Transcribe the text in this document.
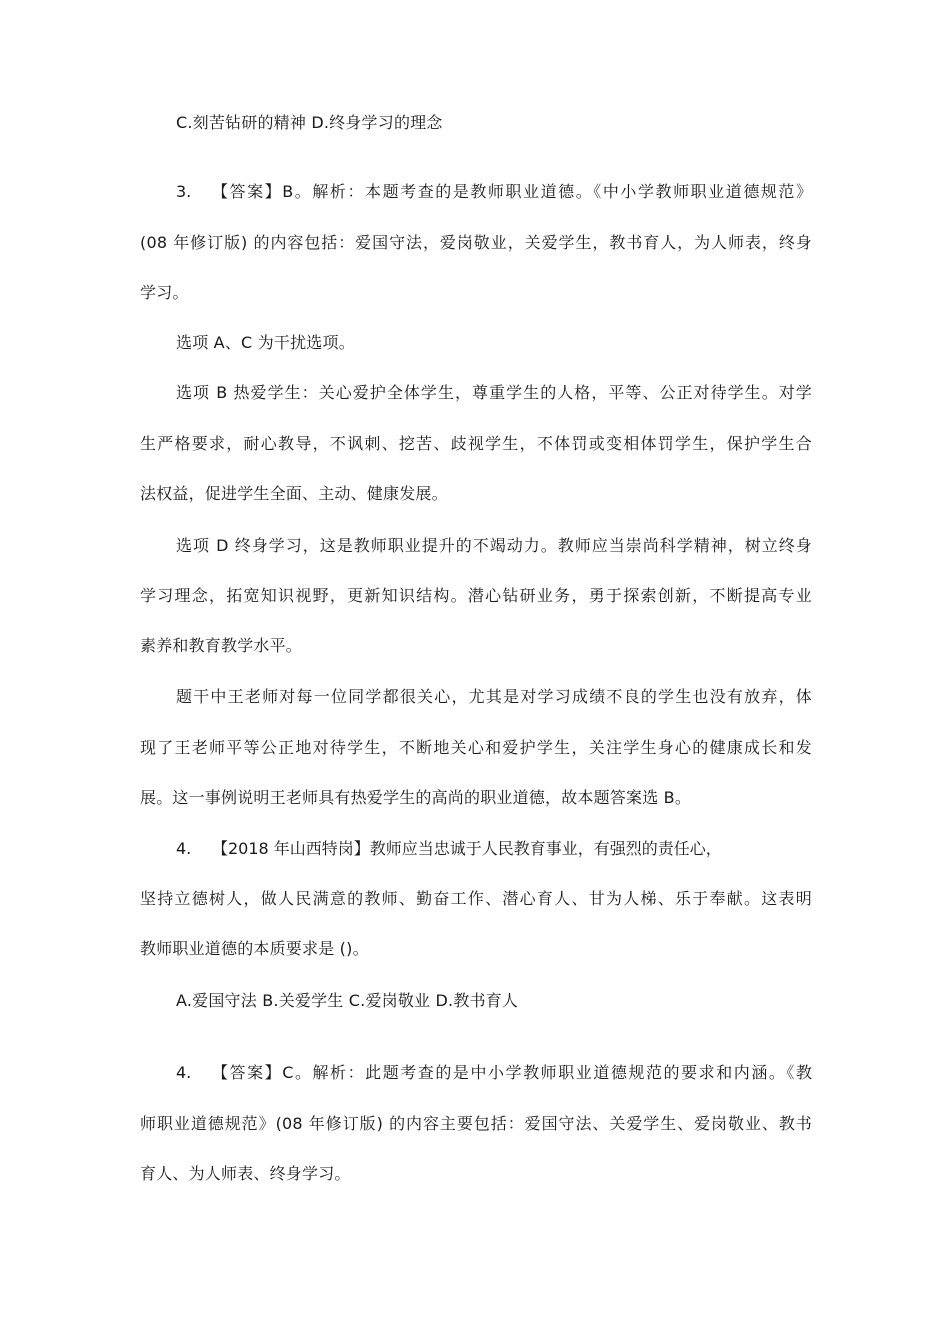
C.刻苦钻研的精神 D.终身学习的理念
3. 【答案】B。解析：本题考查的是教师职业道德。《中小学教师职业道德规范》
(08 年修订版) 的内容包括：爱国守法，爱岗敬业，关爱学生，教书育人，为人师表，终身
学习。
选项 A、C 为干扰选项。
选项 B 热爱学生：关心爱护全体学生，尊重学生的人格，平等、公正对待学生。对学
生严格要求，耐心教导，不讽刺、挖苦、歧视学生，不体罚或变相体罚学生，保护学生合
法权益，促进学生全面、主动、健康发展。
选项 D 终身学习，这是教师职业提升的不竭动力。教师应当崇尚科学精神，树立终身
学习理念，拓宽知识视野，更新知识结构。潜心钻研业务，勇于探索创新，不断提高专业
素养和教育教学水平。
题干中王老师对每一位同学都很关心，尤其是对学习成绩不良的学生也没有放弃，体
现了王老师平等公正地对待学生，不断地关心和爱护学生，关注学生身心的健康成长和发
展。这一事例说明王老师具有热爱学生的高尚的职业道德，故本题答案选 B。
4. 【2018 年山西特岗】教师应当忠诚于人民教育事业，有强烈的责任心，
坚持立德树人，做人民满意的教师、勤奋工作、潜心育人、甘为人梯、乐于奉献。这表明
教师职业道德的本质要求是 ()。
A.爱国守法 B.关爱学生 C.爱岗敬业 D.教书育人
4. 【答案】C。解析：此题考查的是中小学教师职业道德规范的要求和内涵。《教
师职业道德规范》(08 年修订版) 的内容主要包括：爱国守法、关爱学生、爱岗敬业、教书
育人、为人师表、终身学习。
